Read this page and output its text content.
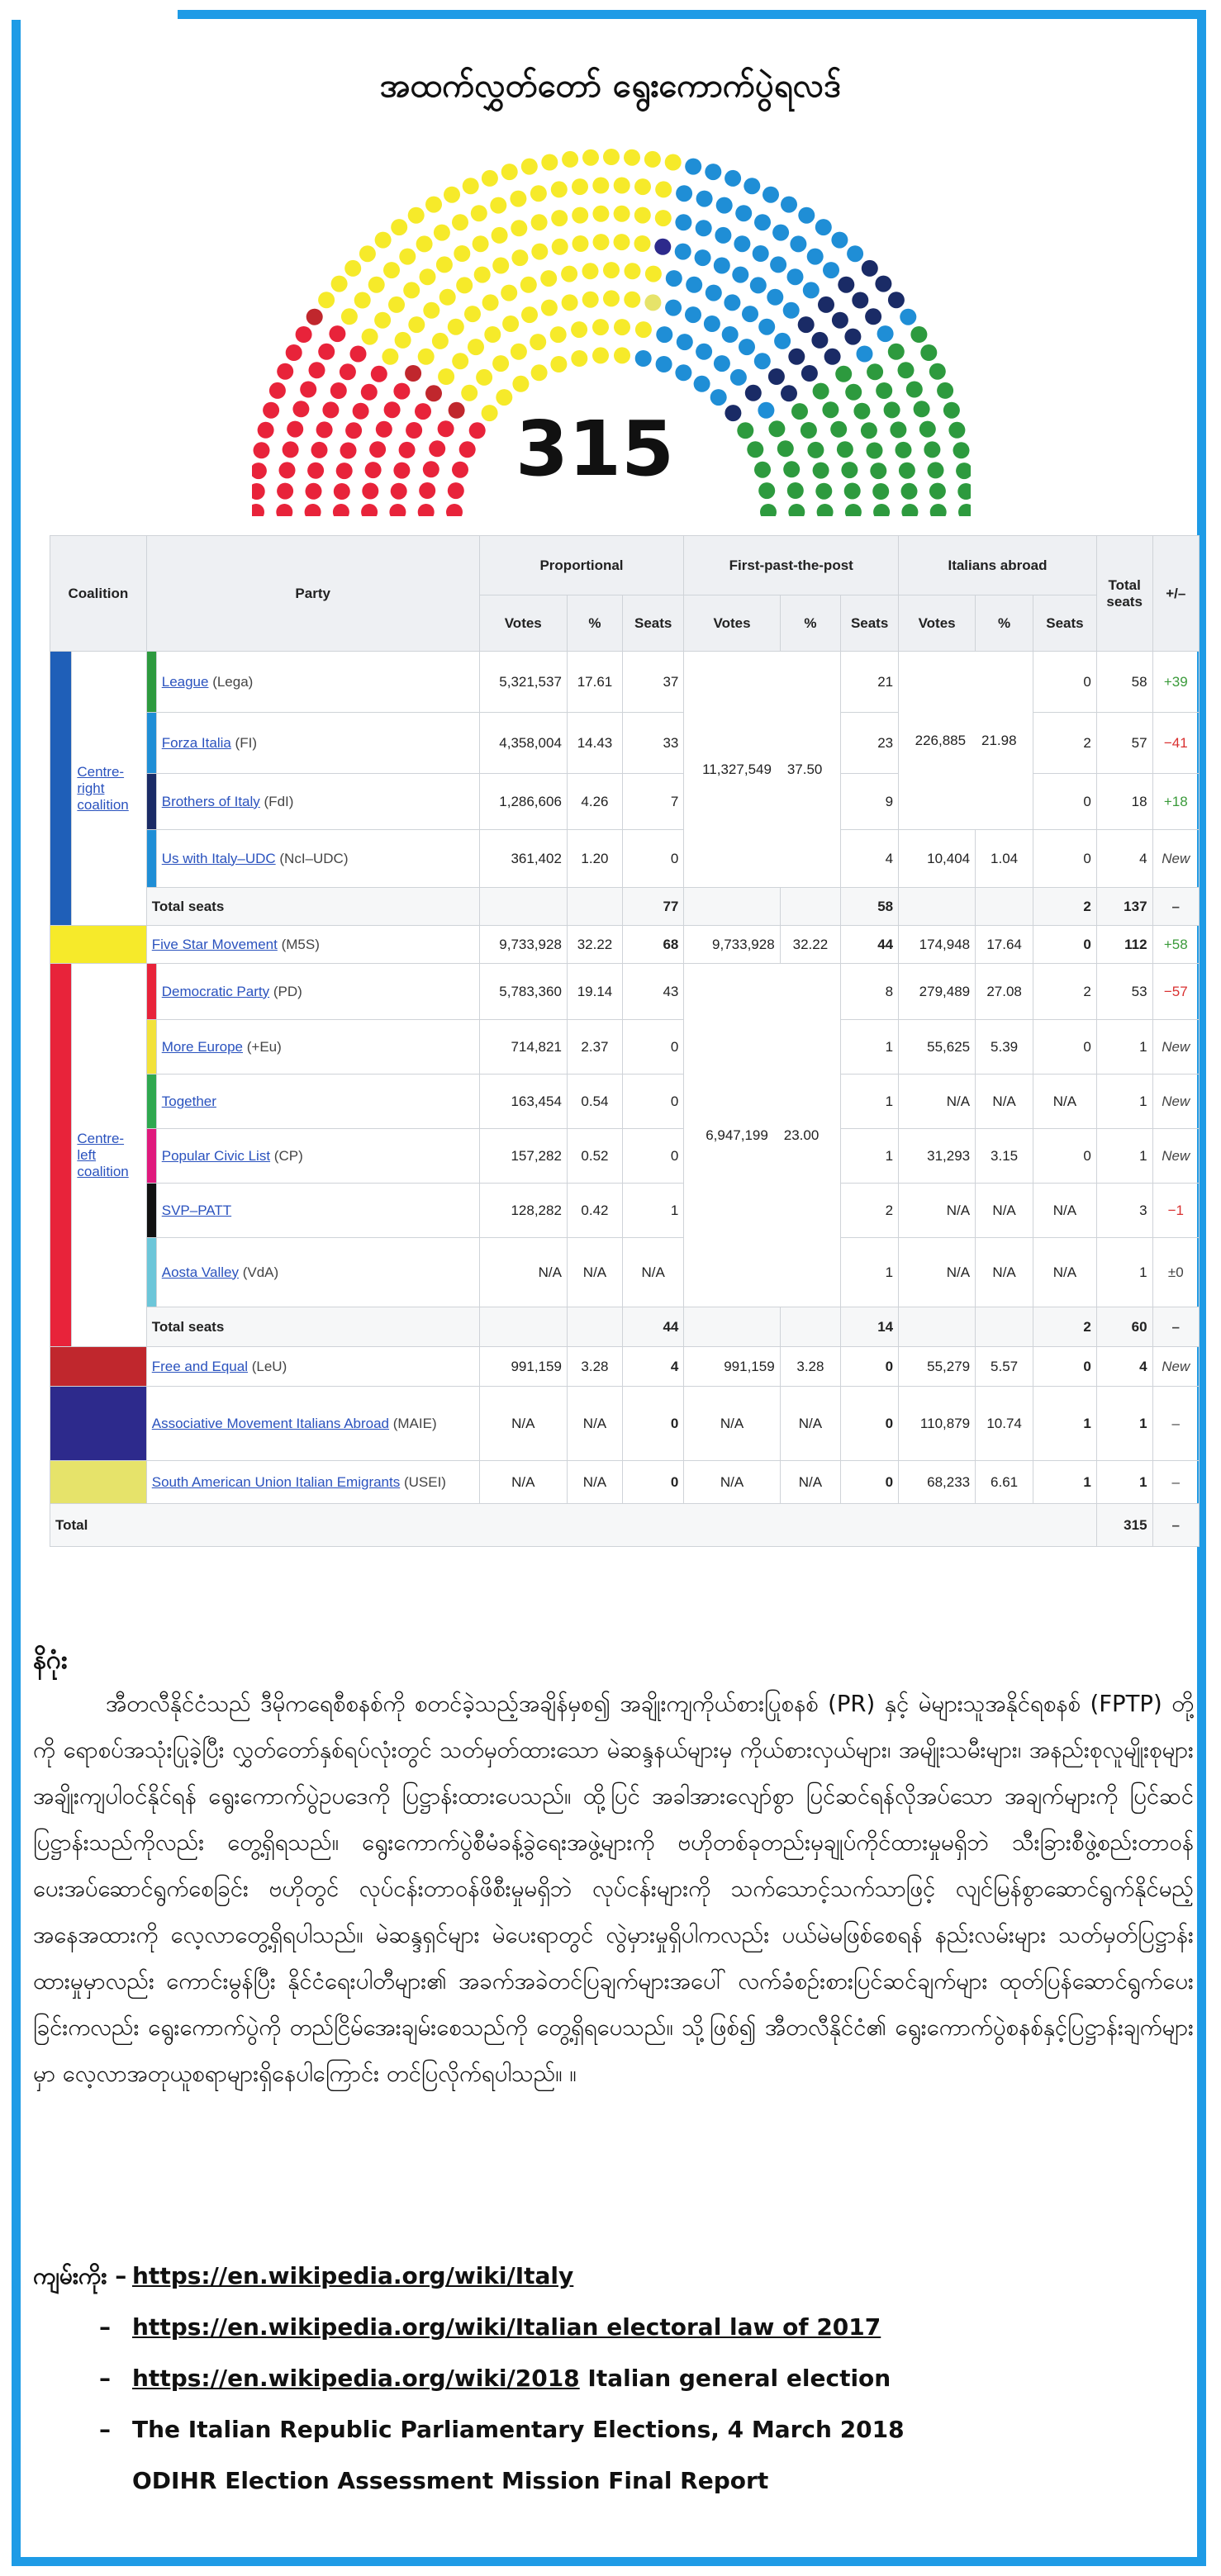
အထက်လွှတ်တော် ရွေးကောက်ပွဲရလဒ်
315
Coalition		Party		Proportional			First-past-the-post			Italians abroad			Total seats	+/–
				Votes	%	Seats	Votes	%	Seats	Votes	%	Seats		
	Centre-right coalition		League (Lega)	5,321,537	17.61	37	11,327,549 37.50		21	226,885 21.98		0	58	+39
			Forza Italia (FI)	4,358,004	14.43	33			23			2	57	−41
			Brothers of Italy (FdI)	1,286,606	4.26	7			9			0	18	+18
			Us with Italy–UDC (NcI–UDC)	361,402	1.20	0			4	10,404	1.04	0	4	New
		Total seats				77			58			2	137	–
		Five Star Movement (M5S)		9,733,928	32.22	68	9,733,928	32.22	44	174,948	17.64	0	112	+58
	Centre-left coalition		Democratic Party (PD)	5,783,360	19.14	43	6,947,199 23.00		8	279,489	27.08	2	53	−57
			More Europe (+Eu)	714,821	2.37	0			1	55,625	5.39	0	1	New
			Together	163,454	0.54	0			1	N/A	N/A	N/A	1	New
			Popular Civic List (CP)	157,282	0.52	0			1	31,293	3.15	0	1	New
			SVP–PATT	128,282	0.42	1			2	N/A	N/A	N/A	3	−1
			Aosta Valley (VdA)	N/A	N/A	N/A			1	N/A	N/A	N/A	1	±0
		Total seats				44			14			2	60	–
		Free and Equal (LeU)		991,159	3.28	4	991,159	3.28	0	55,279	5.57	0	4	New
		Associative Movement Italians Abroad (MAIE)		N/A	N/A	0	N/A	N/A	0	110,879	10.74	1	1	–
		South American Union Italian Emigrants (USEI)		N/A	N/A	0	N/A	N/A	0	68,233	6.61	1	1	–
Total													315	–
နိဂုံး

အီတလီနိုင်ငံသည် ဒီမိုကရေစီစနစ်ကို စတင်ခဲ့သည့်အချိန်မှစ၍ အချိုးကျကိုယ်စားပြုစနစ် (PR) နှင့် မဲများသူအနိုင်ရစနစ် (FPTP) တို့ကို ရောစပ်အသုံးပြုခဲ့ပြီး လွှတ်တော်နှစ်ရပ်လုံးတွင် သတ်မှတ်ထားသော မဲဆန္ဒနယ်များမှ ကိုယ်စားလှယ်များ၊ အမျိုးသမီးများ၊ အနည်းစုလူမျိုးစုများ အချိုးကျပါဝင်နိုင်ရန် ရွေးကောက်ပွဲဥပဒေကို ပြဋ္ဌာန်းထားပေသည်။ ထို့ပြင် အခါအားလျော်စွာ ပြင်ဆင်ရန်လိုအပ်သော အချက်များကို ပြင်ဆင်ပြဋ္ဌာန်းသည်ကိုလည်း တွေ့ရှိရသည်။ ရွေးကောက်ပွဲစီမံခန့်ခွဲရေးအဖွဲ့များကို ဗဟိုတစ်ခုတည်းမှချုပ်ကိုင်ထားမှုမရှိဘဲ သီးခြားစီဖွဲ့စည်းတာဝန်ပေးအပ်ဆောင်ရွက်စေခြင်း ဗဟိုတွင် လုပ်ငန်းတာဝန်ဖိစီးမှုမရှိဘဲ လုပ်ငန်းများကို သက်သောင့်သက်သာဖြင့် လျင်မြန်စွာဆောင်ရွက်နိုင်မည့် အနေအထားကို လေ့လာတွေ့ရှိရပါသည်။ မဲဆန္ဒရှင်များ မဲပေးရာတွင် လွဲမှားမှုရှိပါကလည်း ပယ်မဲမဖြစ်စေရန် နည်းလမ်းများ သတ်မှတ်ပြဋ္ဌာန်းထားမှုမှာလည်း ကောင်းမွန်ပြီး နိုင်ငံရေးပါတီများ၏ အခက်အခဲတင်ပြချက်များအပေါ် လက်ခံစဉ်းစားပြင်ဆင်ချက်များ ထုတ်ပြန်ဆောင်ရွက်ပေးခြင်းကလည်း ရွေးကောက်ပွဲကို တည်ငြိမ်အေးချမ်းစေသည်ကို တွေ့ရှိရပေသည်။ သို့ဖြစ်၍ အီတလီနိုင်ငံ၏ ရွေးကောက်ပွဲစနစ်နှင့်ပြဋ္ဌာန်းချက်များမှာ လေ့လာအတုယူစရာများရှိနေပါကြောင်း တင်ပြလိုက်ရပါသည်။ ။

ကျမ်းကိုး – https://en.wikipedia.org/wiki/Italy
– https://en.wikipedia.org/wiki/Italian electoral law of 2017
– https://en.wikipedia.org/wiki/2018 Italian general election
– The Italian Republic Parliamentary Elections, 4 March 2018
ODIHR Election Assessment Mission Final Report
